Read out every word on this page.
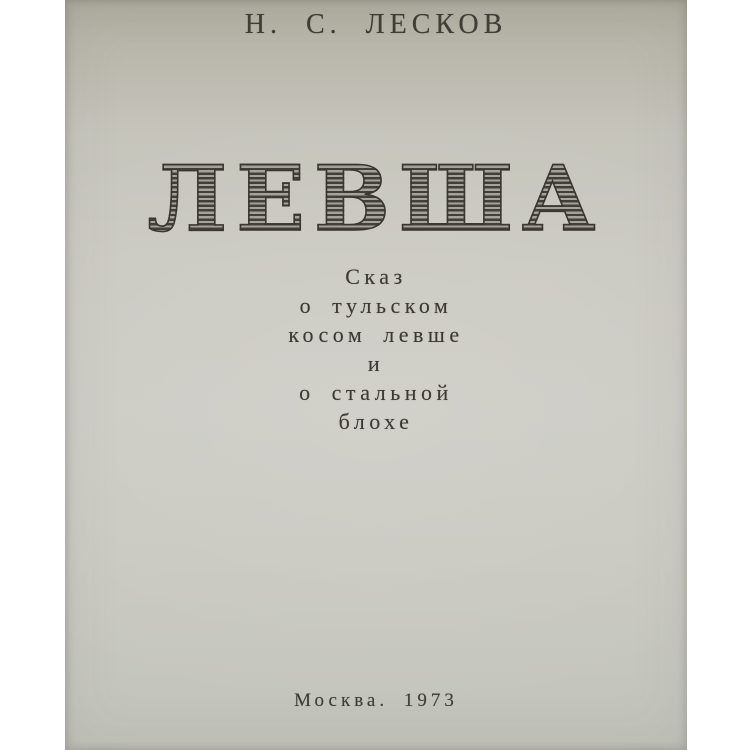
Н. С. ЛЕСКОВ
ЛЕВША
Сказ
о тульском
косом левше
и
о стальной
блохе
Москва. 1973
